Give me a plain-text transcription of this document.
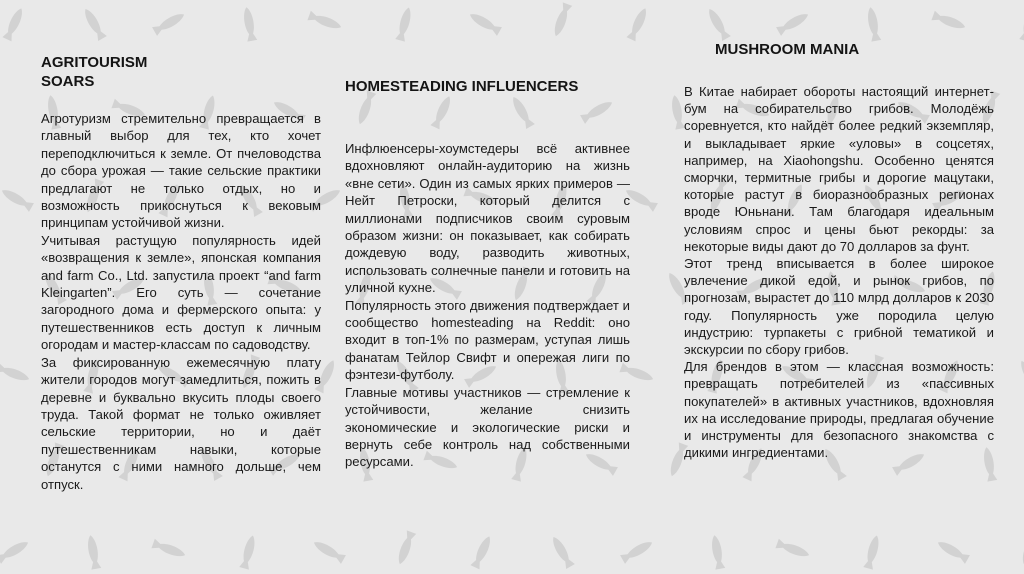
AGRITOURISM SOARS

Агротуризм стремительно превращается в главный выбор для тех, кто хочет переподключиться к земле. От пчеловодства до сбора урожая — такие сельские практики предлагают не только отдых, но и возможность прикоснуться к вековым принципам устойчивой жизни.

Учитывая растущую популярность идей «возвращения к земле», японская компания and farm Co., Ltd. запустила проект “and farm Kleingarten”. Его суть — сочетание загородного дома и фермерского опыта: у путешественников есть доступ к личным огородам и мастер-классам по садоводству.

За фиксированную ежемесячную плату жители городов могут замедлиться, пожить в деревне и буквально вкусить плоды своего труда. Такой формат не только оживляет сельские территории, но и даёт путешественникам навыки, которые останутся с ними намного дольше, чем отпуск.

HOMESTEADING INFLUENCERS

Инфлюенсеры-хоумстедеры всё активнее вдохновляют онлайн-аудиторию на жизнь «вне сети». Один из самых ярких примеров — Нейт Петроски, который делится с миллионами подписчиков своим суровым образом жизни: он показывает, как собирать дождевую воду, разводить животных, использовать солнечные панели и готовить на уличной кухне.

Популярность этого движения подтверждает и сообщество homesteading на Reddit: оно входит в топ-1% по размерам, уступая лишь фанатам Тейлор Свифт и опережая лиги по фэнтези-футболу.

Главные мотивы участников — стремление к устойчивости, желание снизить экономические и экологические риски и вернуть себе контроль над собственными ресурсами.

MUSHROOM MANIA

В Китае набирает обороты настоящий интернет-бум на собирательство грибов. Молодёжь соревнуется, кто найдёт более редкий экземпляр, и выкладывает яркие «уловы» в соцсетях, например, на Xiaohongshu. Особенно ценятся сморчки, термитные грибы и дорогие мацутаки, которые растут в биоразнообразных регионах вроде Юньнани. Там благодаря идеальным условиям спрос и цены бьют рекорды: за некоторые виды дают до 70 долларов за фунт.

Этот тренд вписывается в более широкое увлечение дикой едой, и рынок грибов, по прогнозам, вырастет до 110 млрд долларов к 2030 году. Популярность уже породила целую индустрию: турпакеты с грибной тематикой и экскурсии по сбору грибов.

Для брендов в этом — классная возможность: превращать потребителей из «пассивных покупателей» в активных участников, вдохновляя их на исследование природы, предлагая обучение и инструменты для безопасного знакомства с дикими ингредиентами.
